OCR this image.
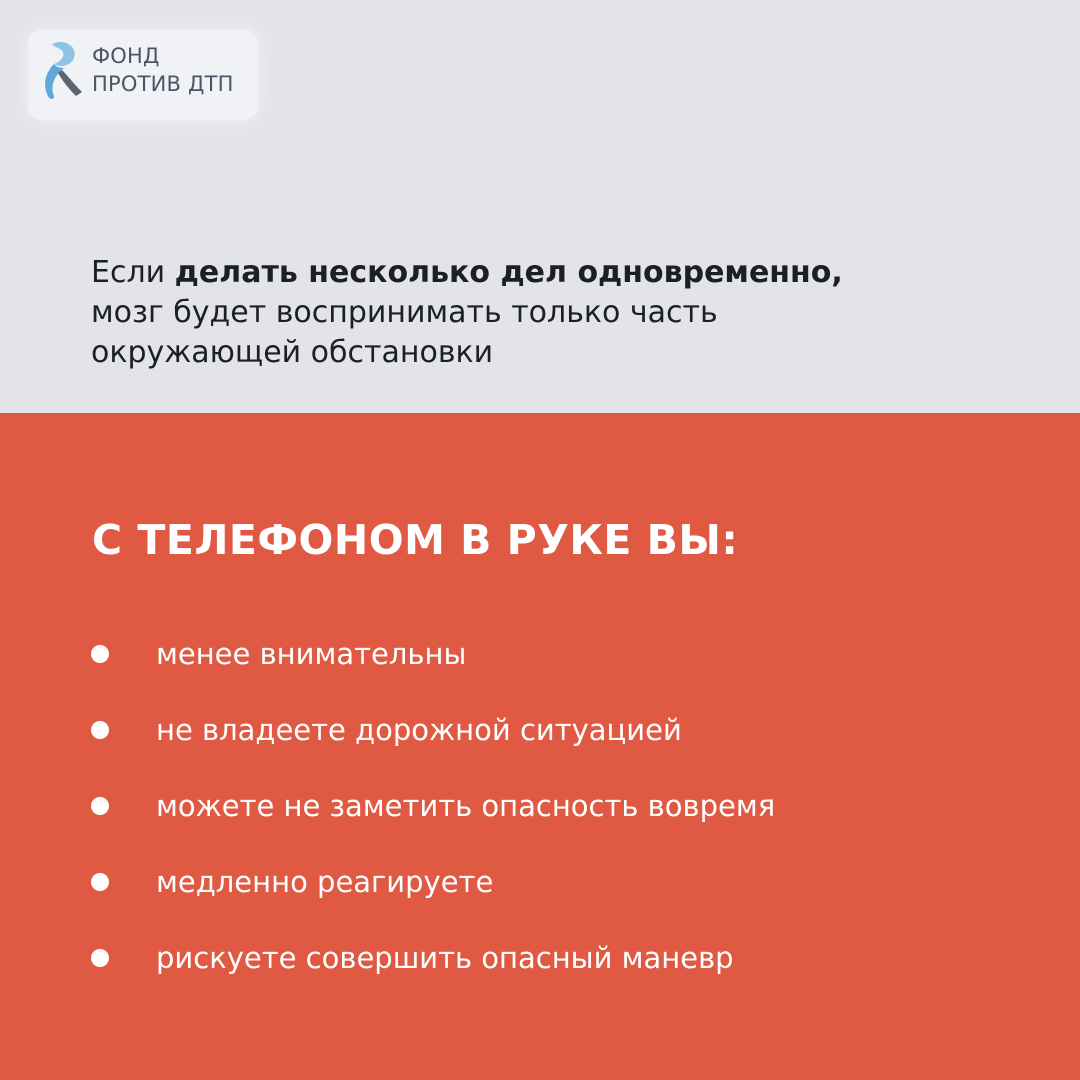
ФОНД
ПРОТИВ ДТП
Если делать несколько дел одновременно,
мозг будет воспринимать только часть
окружающей обстановки
С ТЕЛЕФОНОМ В РУКЕ ВЫ:
менее внимательны
не владеете дорожной ситуацией
можете не заметить опасность вовремя
медленно реагируете
рискуете совершить опасный маневр
